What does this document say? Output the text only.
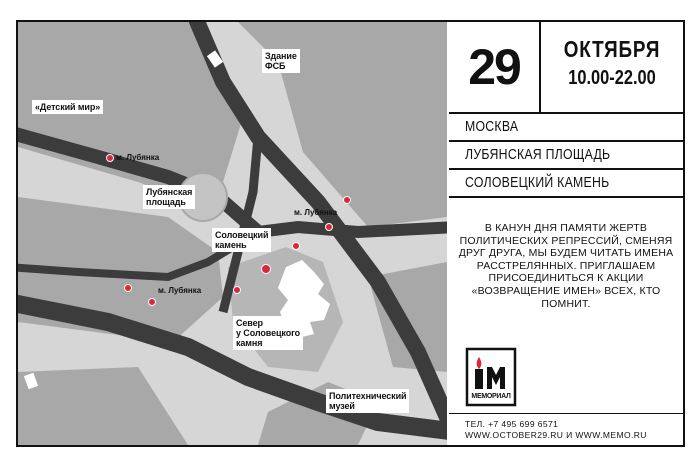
Здание
ФСБ
«Детский мир»
Лубянская
площадь
Соловецкий
камень
Север
у Соловецкого
камня
Политехнический
музей
м. Лубянка
м. Лубянка
м. Лубянка
29	ОКТЯБРЯ
10.00-22.00
МОСКВА
ЛУБЯНСКАЯ ПЛОЩАДЬ
СОЛОВЕЦКИЙ КАМЕНЬ
В КАНУН ДНЯ ПАМЯТИ ЖЕРТВ ПОЛИТИЧЕСКИХ РЕПРЕССИЙ, СМЕНЯЯ ДРУГ ДРУГА, МЫ БУДЕМ ЧИТАТЬ ИМЕНА РАССТРЕЛЯННЫХ. ПРИГЛАШАЕМ ПРИСОЕДИНИТЬСЯ К АКЦИИ «ВОЗВРАЩЕНИЕ ИМЕН» ВСЕХ, КТО ПОМНИТ.
МЕМОРИАЛ
ТЕЛ. +7 495 699 6571
WWW.OCTOBER29.RU И WWW.MEMO.RU
